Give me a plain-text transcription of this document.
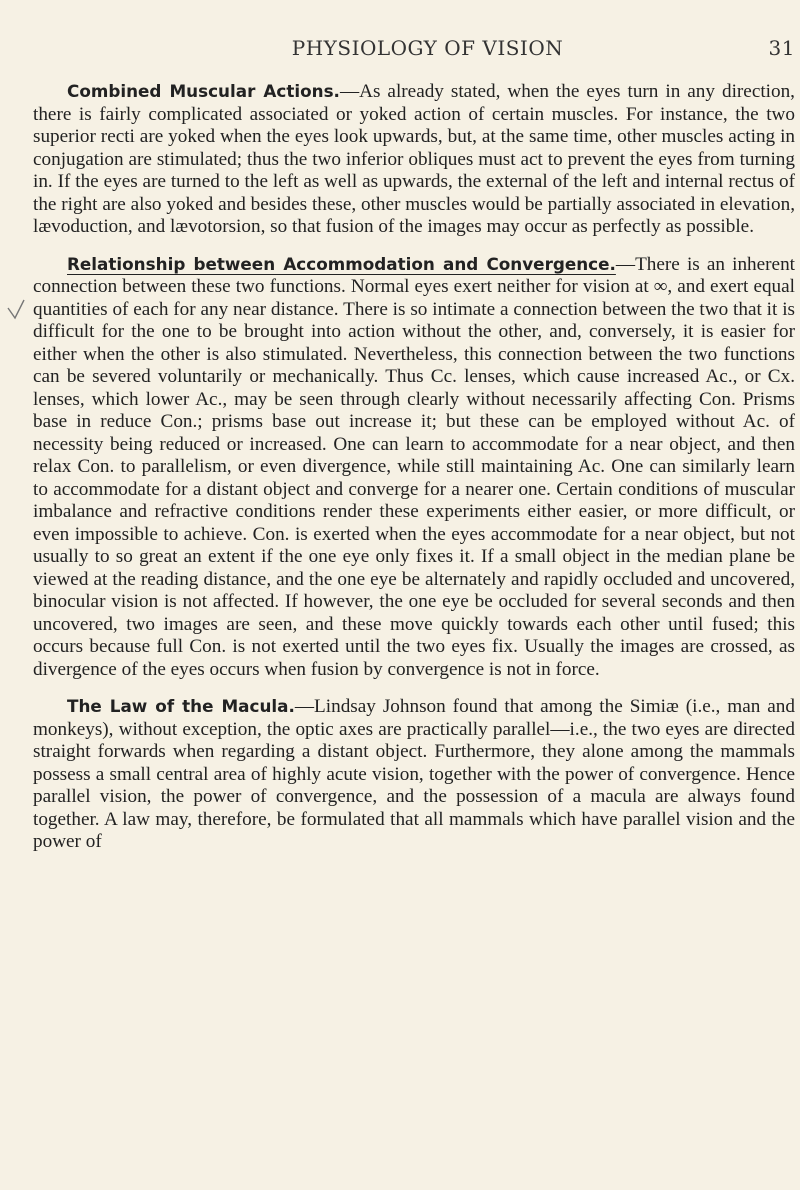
PHYSIOLOGY OF VISION	31

Combined Muscular Actions.—As already stated, when the eyes turn in any direction, there is fairly complicated associated or yoked action of certain muscles. For instance, the two superior recti are yoked when the eyes look upwards, but, at the same time, other muscles acting in conjugation are stimulated; thus the two inferior obliques must act to prevent the eyes from turning in. If the eyes are turned to the left as well as upwards, the external of the left and internal rectus of the right are also yoked and besides these, other muscles would be partially associated in elevation, lævoduction, and lævotorsion, so that fusion of the images may occur as perfectly as possible.

Relationship between Accommodation and Convergence.—There is an inherent connection between these two functions. Normal eyes exert neither for vision at ∞, and exert equal quantities of each for any near distance. There is so intimate a connection between the two that it is difficult for the one to be brought into action without the other, and, conversely, it is easier for either when the other is also stimulated. Nevertheless, this connection between the two functions can be severed voluntarily or mechanically. Thus Cc. lenses, which cause increased Ac., or Cx. lenses, which lower Ac., may be seen through clearly without necessarily affecting Con. Prisms base in reduce Con.; prisms base out increase it; but these can be employed without Ac. of necessity being reduced or increased. One can learn to accommodate for a near object, and then relax Con. to parallelism, or even divergence, while still maintaining Ac. One can similarly learn to accommodate for a distant object and converge for a nearer one. Certain conditions of muscular imbalance and refractive conditions render these experiments either easier, or more difficult, or even impossible to achieve. Con. is exerted when the eyes accommodate for a near object, but not usually to so great an extent if the one eye only fixes it. If a small object in the median plane be viewed at the reading distance, and the one eye be alternately and rapidly occluded and uncovered, binocular vision is not affected. If however, the one eye be occluded for several seconds and then uncovered, two images are seen, and these move quickly towards each other until fused; this occurs because full Con. is not exerted until the two eyes fix. Usually the images are crossed, as divergence of the eyes occurs when fusion by convergence is not in force.

The Law of the Macula.—Lindsay Johnson found that among the Simiæ (i.e., man and monkeys), without exception, the optic axes are practically parallel—i.e., the two eyes are directed straight forwards when regarding a distant object. Furthermore, they alone among the mammals possess a small central area of highly acute vision, together with the power of convergence. Hence parallel vision, the power of convergence, and the possession of a macula are always found together. A law may, therefore, be formulated that all mammals which have parallel vision and the power of
